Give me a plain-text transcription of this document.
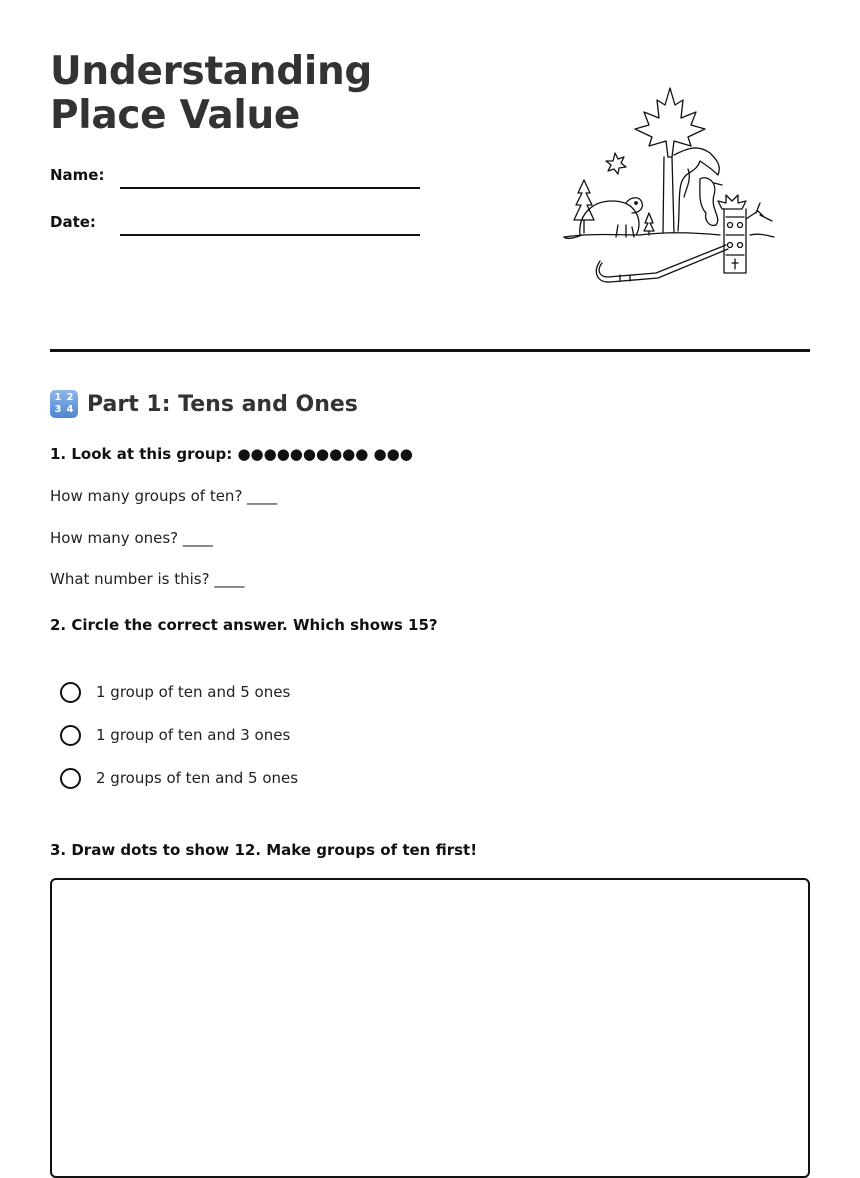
Understanding Place Value
Name:
Date:
1 2
3 4 Part 1: Tens and Ones
1. Look at this group: ●●●●●●●●●● ●●●
How many groups of ten? ____
How many ones? ____
What number is this? ____
2. Circle the correct answer. Which shows 15?
1 group of ten and 5 ones
1 group of ten and 3 ones
2 groups of ten and 5 ones
3. Draw dots to show 12. Make groups of ten first!
